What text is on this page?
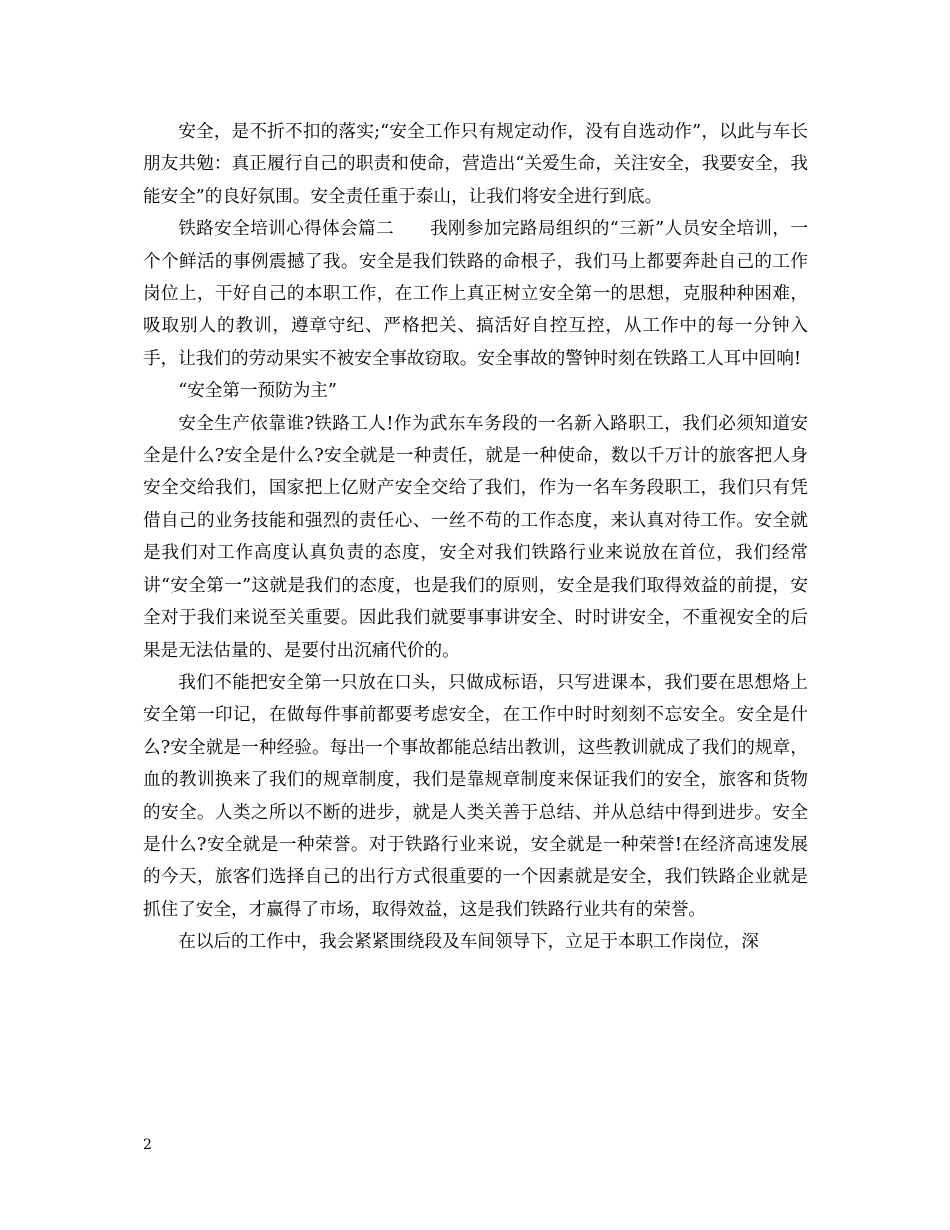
安全，是不折不扣的落实;“安全工作只有规定动作，没有自选动作”，以此与车长朋友共勉：真正履行自己的职责和使命，营造出“关爱生命，关注安全，我要安全，我能安全”的良好氛围。安全责任重于泰山，让我们将安全进行到底。

铁路安全培训心得体会篇二　　我刚参加完路局组织的“三新”人员安全培训，一个个鲜活的事例震撼了我。安全是我们铁路的命根子，我们马上都要奔赴自己的工作岗位上，干好自己的本职工作，在工作上真正树立安全第一的思想，克服种种困难，吸取别人的教训，遵章守纪、严格把关、搞活好自控互控，从工作中的每一分钟入手，让我们的劳动果实不被安全事故窃取。安全事故的警钟时刻在铁路工人耳中回响!

“安全第一预防为主”

安全生产依靠谁?铁路工人!作为武东车务段的一名新入路职工，我们必须知道安全是什么?安全是什么?安全就是一种责任，就是一种使命，数以千万计的旅客把人身安全交给我们，国家把上亿财产安全交给了我们，作为一名车务段职工，我们只有凭借自己的业务技能和强烈的责任心、一丝不苟的工作态度，来认真对待工作。安全就是我们对工作高度认真负责的态度，安全对我们铁路行业来说放在首位，我们经常讲“安全第一”这就是我们的态度，也是我们的原则，安全是我们取得效益的前提，安全对于我们来说至关重要。因此我们就要事事讲安全、时时讲安全，不重视安全的后果是无法估量的、是要付出沉痛代价的。

我们不能把安全第一只放在口头，只做成标语，只写进课本，我们要在思想烙上安全第一印记，在做每件事前都要考虑安全，在工作中时时刻刻不忘安全。安全是什么?安全就是一种经验。每出一个事故都能总结出教训，这些教训就成了我们的规章，血的教训换来了我们的规章制度，我们是靠规章制度来保证我们的安全，旅客和货物的安全。人类之所以不断的进步，就是人类关善于总结、并从总结中得到进步。安全是什么?安全就是一种荣誉。对于铁路行业来说，安全就是一种荣誉!在经济高速发展的今天，旅客们选择自己的出行方式很重要的一个因素就是安全，我们铁路企业就是抓住了安全，才赢得了市场，取得效益，这是我们铁路行业共有的荣誉。

在以后的工作中，我会紧紧围绕段及车间领导下，立足于本职工作岗位，深

2
